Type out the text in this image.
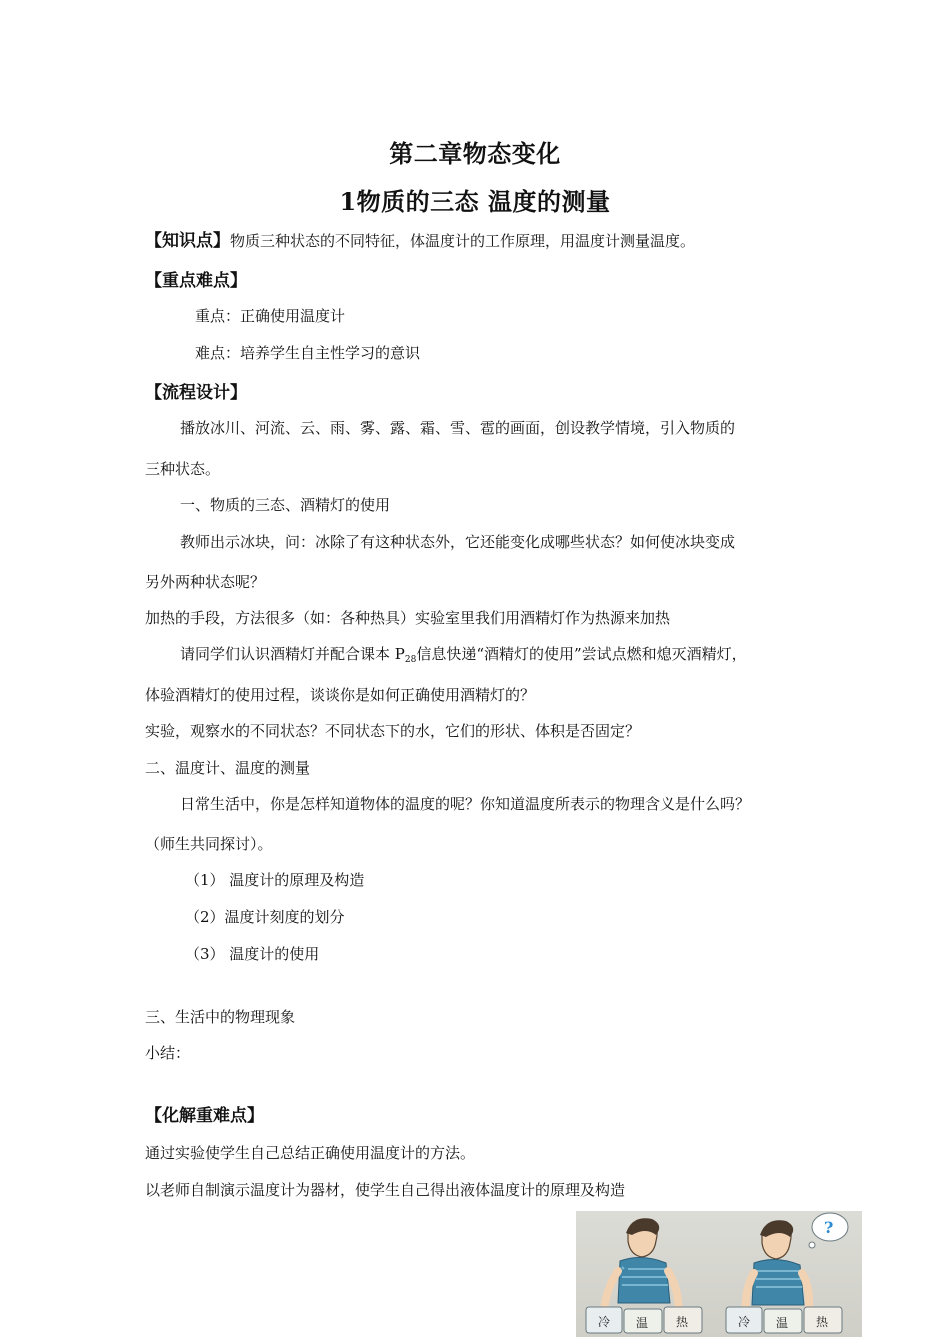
第二章物态变化
1物质的三态 温度的测量
【知识点】物质三种状态的不同特征，体温度计的工作原理，用温度计测量温度。
【重点难点】
重点：正确使用温度计
难点：培养学生自主性学习的意识
【流程设计】
播放冰川、河流、云、雨、雾、露、霜、雪、雹的画面，创设教学情境，引入物质的
三种状态。
一、物质的三态、酒精灯的使用
教师出示冰块，问：冰除了有这种状态外，它还能变化成哪些状态？如何使冰块变成
另外两种状态呢？
加热的手段，方法很多（如：各种热具）实验室里我们用酒精灯作为热源来加热
请同学们认识酒精灯并配合课本 $P_{28}$信息快递“酒精灯的使用”尝试点燃和熄灭酒精灯，
体验酒精灯的使用过程，谈谈你是如何正确使用酒精灯的？
实验，观察水的不同状态？不同状态下的水，它们的形状、体积是否固定？
二、温度计、温度的测量
日常生活中，你是怎样知道物体的温度的呢？你知道温度所表示的物理含义是什么吗？
（师生共同探讨）。
（1） 温度计的原理及构造
（2）温度计刻度的划分
（3） 温度计的使用
三、生活中的物理现象
小结：
【化解重难点】
通过实验使学生自己总结正确使用温度计的方法。
以老师自制演示温度计为器材，使学生自己得出液体温度计的原理及构造
冷 温 热
?
冷 温 热
